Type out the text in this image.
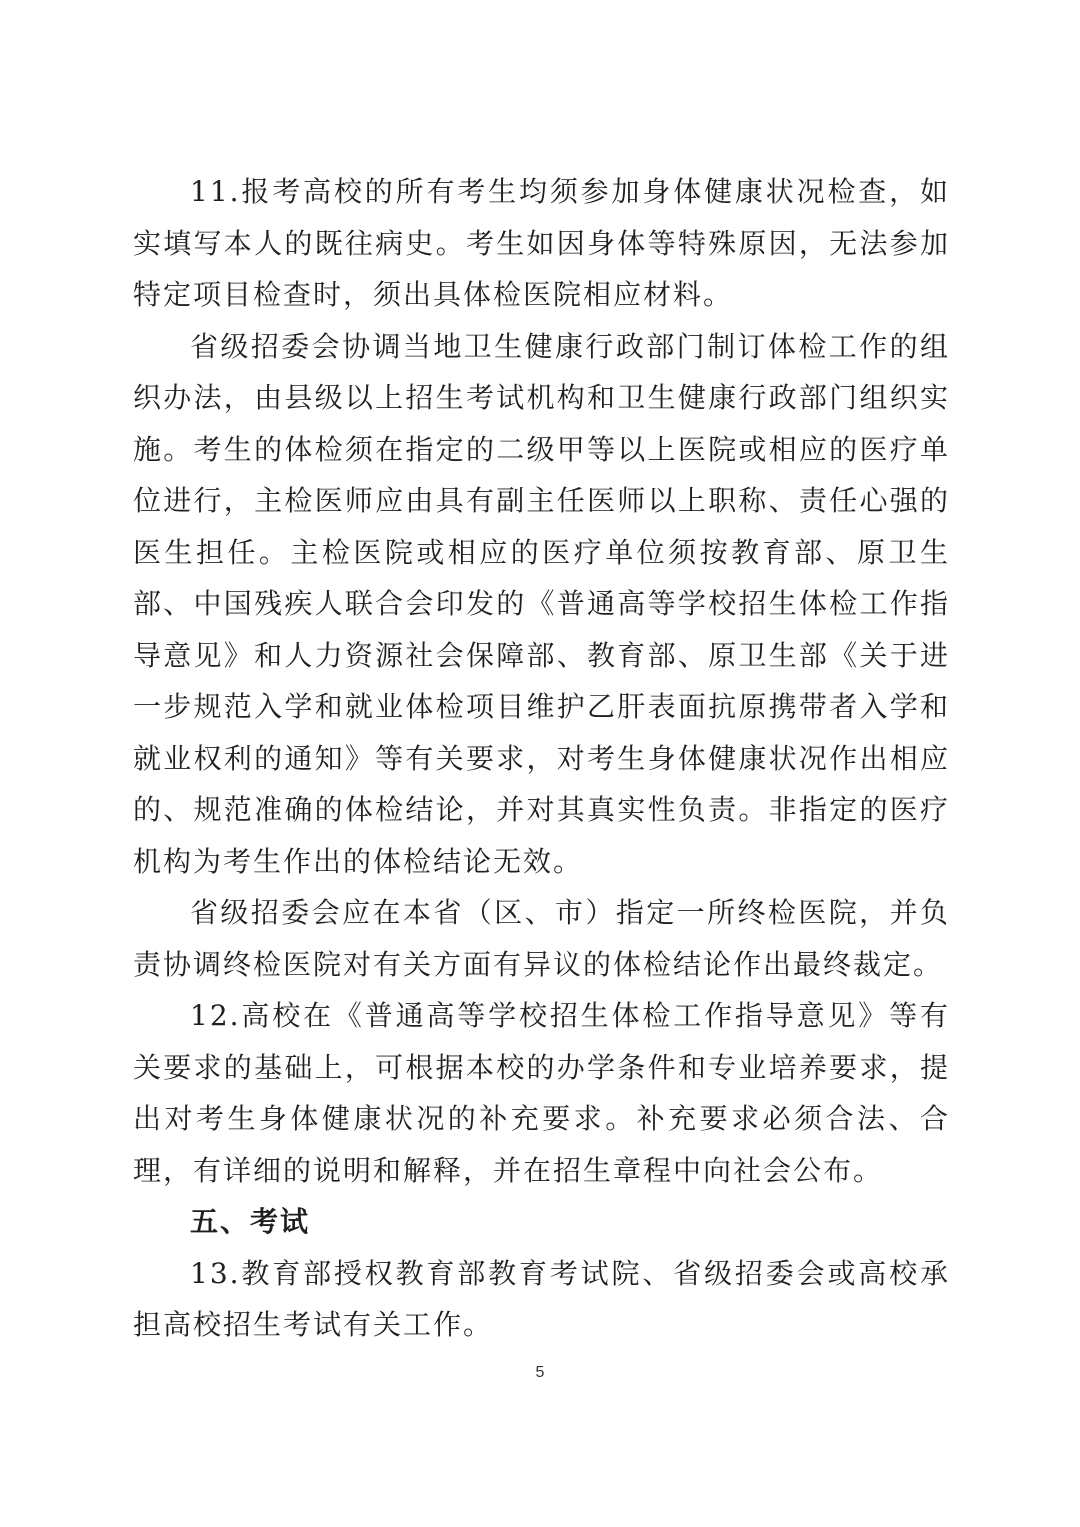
11.报考高校的所有考生均须参加身体健康状况检查，如实填写本人的既往病史。考生如因身体等特殊原因，无法参加特定项目检查时，须出具体检医院相应材料。

省级招委会协调当地卫生健康行政部门制订体检工作的组织办法，由县级以上招生考试机构和卫生健康行政部门组织实施。考生的体检须在指定的二级甲等以上医院或相应的医疗单位进行，主检医师应由具有副主任医师以上职称、责任心强的医生担任。主检医院或相应的医疗单位须按教育部、原卫生部、中国残疾人联合会印发的《普通高等学校招生体检工作指导意见》和人力资源社会保障部、教育部、原卫生部《关于进一步规范入学和就业体检项目维护乙肝表面抗原携带者入学和就业权利的通知》等有关要求，对考生身体健康状况作出相应的、规范准确的体检结论，并对其真实性负责。非指定的医疗机构为考生作出的体检结论无效。

省级招委会应在本省（区、市）指定一所终检医院，并负责协调终检医院对有关方面有异议的体检结论作出最终裁定。

12.高校在《普通高等学校招生体检工作指导意见》等有关要求的基础上，可根据本校的办学条件和专业培养要求，提出对考生身体健康状况的补充要求。补充要求必须合法、合理，有详细的说明和解释，并在招生章程中向社会公布。

五、考试

13.教育部授权教育部教育考试院、省级招委会或高校承担高校招生考试有关工作。

5
